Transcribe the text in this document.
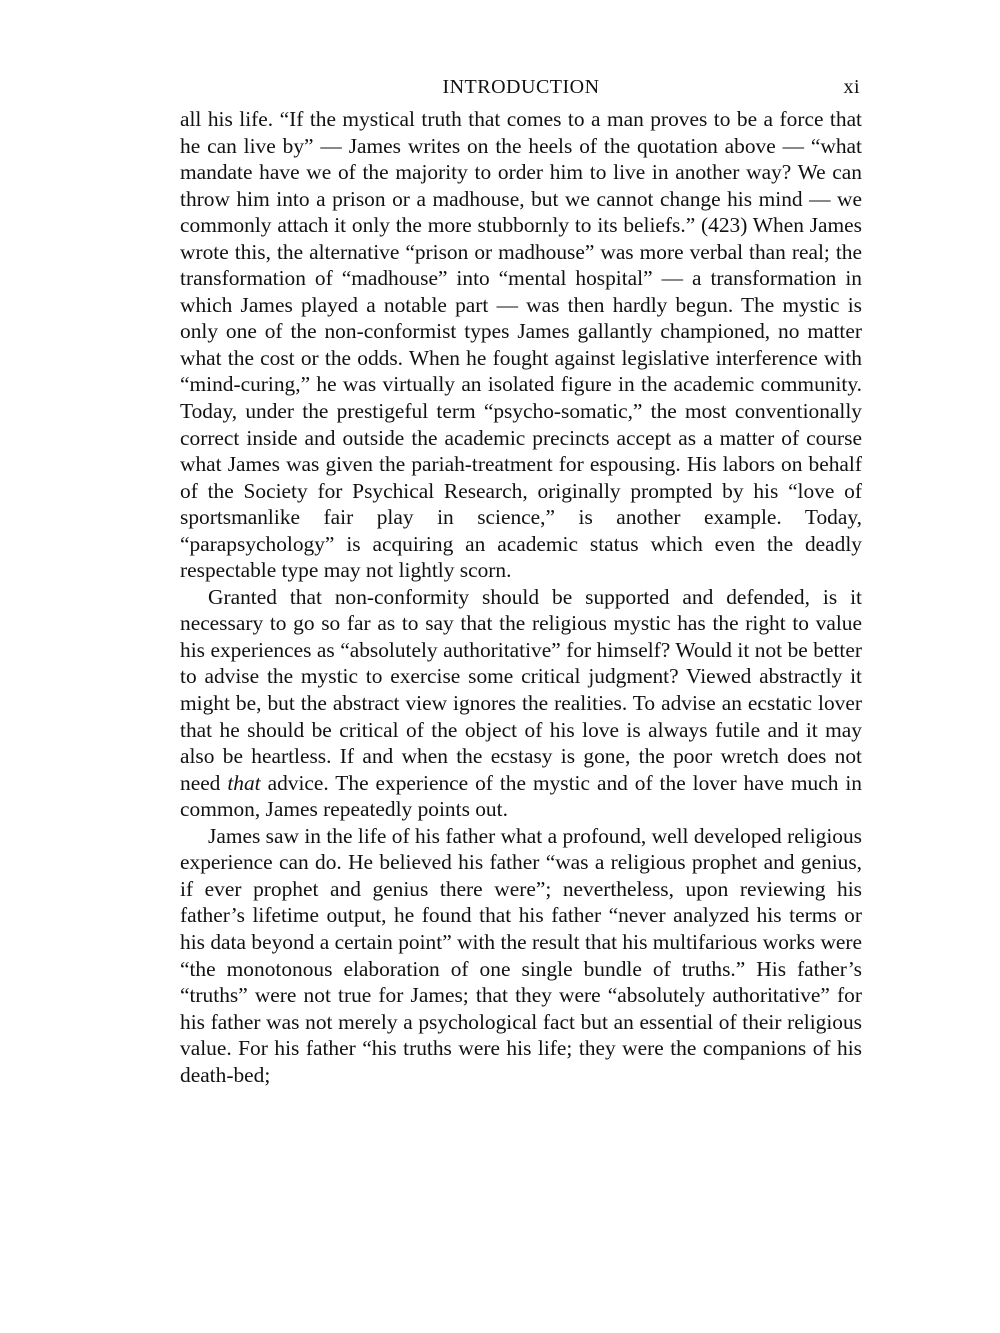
INTRODUCTION	xi

all his life. “If the mystical truth that comes to a man proves to be a force that he can live by” — James writes on the heels of the quotation above — “what mandate have we of the majority to order him to live in another way? We can throw him into a prison or a madhouse, but we cannot change his mind — we commonly attach it only the more stubbornly to its beliefs.” (423) When James wrote this, the alternative “prison or madhouse” was more verbal than real; the transformation of “madhouse” into “mental hospital” — a transformation in which James played a notable part — was then hardly begun. The mystic is only one of the non-conformist types James gallantly championed, no matter what the cost or the odds. When he fought against legislative interference with “mind-curing,” he was virtually an isolated figure in the academic community. Today, under the prestigeful term “psycho-somatic,” the most conventionally correct inside and outside the academic precincts accept as a matter of course what James was given the pariah-treatment for espousing. His labors on behalf of the Society for Psychical Research, originally prompted by his “love of sportsmanlike fair play in science,” is another example. Today, “parapsychology” is acquiring an academic status which even the deadly respectable type may not lightly scorn.

Granted that non-conformity should be supported and defended, is it necessary to go so far as to say that the religious mystic has the right to value his experiences as “absolutely authoritative” for himself? Would it not be better to advise the mystic to exercise some critical judgment? Viewed abstractly it might be, but the abstract view ignores the realities. To advise an ecstatic lover that he should be critical of the object of his love is always futile and it may also be heartless. If and when the ecstasy is gone, the poor wretch does not need that advice. The experience of the mystic and of the lover have much in common, James repeatedly points out.

James saw in the life of his father what a profound, well developed religious experience can do. He believed his father “was a religious prophet and genius, if ever prophet and genius there were”; nevertheless, upon reviewing his father’s lifetime output, he found that his father “never analyzed his terms or his data beyond a certain point” with the result that his multifarious works were “the monotonous elaboration of one single bundle of truths.” His father’s “truths” were not true for James; that they were “absolutely authoritative” for his father was not merely a psychological fact but an essential of their religious value. For his father “his truths were his life; they were the companions of his death-bed;
